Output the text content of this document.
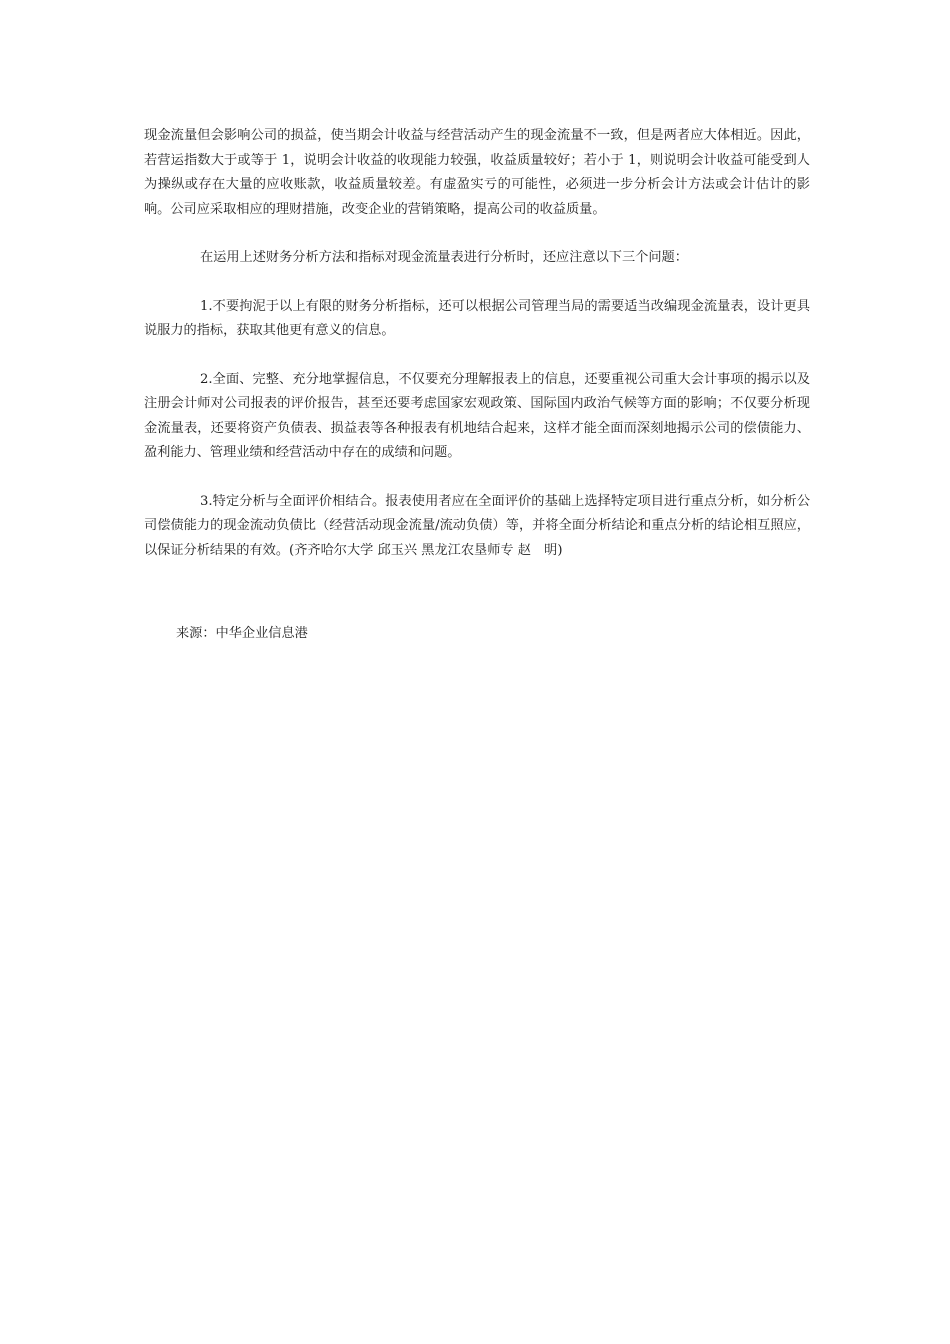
现金流量但会影响公司的损益，使当期会计收益与经营活动产生的现金流量不一致，但是两者应大体相近。因此，若营运指数大于或等于 1，说明会计收益的收现能力较强，收益质量较好；若小于 1，则说明会计收益可能受到人为操纵或存在大量的应收账款，收益质量较差。有虚盈实亏的可能性，必须进一步分析会计方法或会计估计的影响。公司应采取相应的理财措施，改变企业的营销策略，提高公司的收益质量。

在运用上述财务分析方法和指标对现金流量表进行分析时，还应注意以下三个问题：

1.不要拘泥于以上有限的财务分析指标，还可以根据公司管理当局的需要适当改编现金流量表，设计更具说服力的指标，获取其他更有意义的信息。

2.全面、完整、充分地掌握信息，不仅要充分理解报表上的信息，还要重视公司重大会计事项的揭示以及注册会计师对公司报表的评价报告，甚至还要考虑国家宏观政策、国际国内政治气候等方面的影响；不仅要分析现金流量表，还要将资产负债表、损益表等各种报表有机地结合起来，这样才能全面而深刻地揭示公司的偿债能力、盈利能力、管理业绩和经营活动中存在的成绩和问题。

3.特定分析与全面评价相结合。报表使用者应在全面评价的基础上选择特定项目进行重点分析，如分析公司偿债能力的现金流动负债比（经营活动现金流量/流动负债）等，并将全面分析结论和重点分析的结论相互照应，以保证分析结果的有效。(齐齐哈尔大学 邱玉兴 黑龙江农垦师专 赵　明)

来源：中华企业信息港
